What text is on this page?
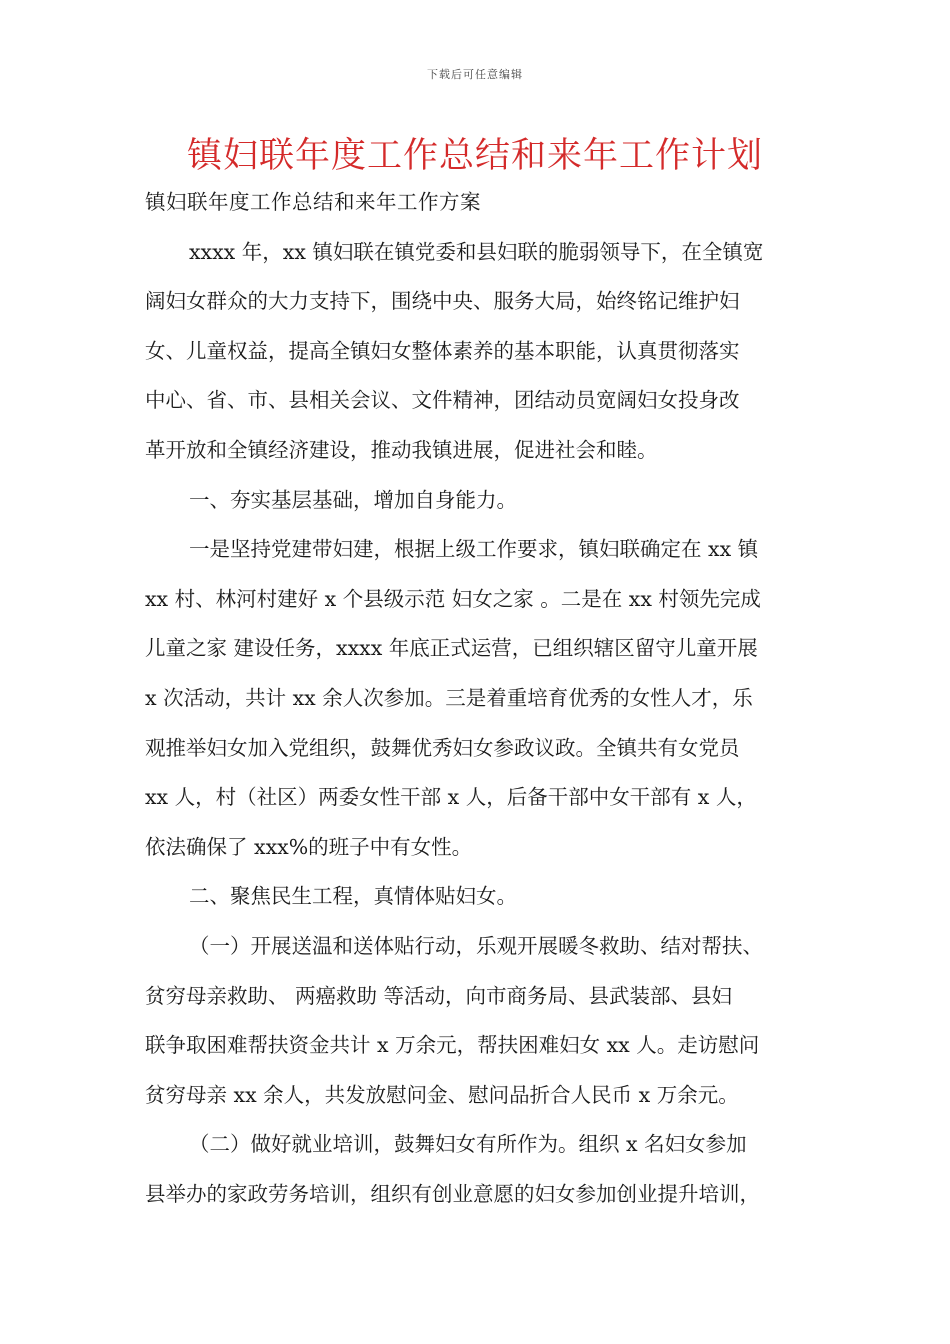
下载后可任意编辑
镇妇联年度工作总结和来年工作计划
镇妇联年度工作总结和来年工作方案
xxxx 年，xx 镇妇联在镇党委和县妇联的脆弱领导下，在全镇宽
阔妇女群众的大力支持下，围绕中央、服务大局，始终铭记维护妇
女、儿童权益，提高全镇妇女整体素养的基本职能，认真贯彻落实
中心、省、市、县相关会议、文件精神，团结动员宽阔妇女投身改
革开放和全镇经济建设，推动我镇进展，促进社会和睦。
一、夯实基层基础，增加自身能力。
一是坚持党建带妇建，根据上级工作要求，镇妇联确定在 xx 镇
xx 村、林河村建好 x 个县级示范 妇女之家 。二是在 xx 村领先完成
儿童之家 建设任务，xxxx 年底正式运营，已组织辖区留守儿童开展
x 次活动，共计 xx 余人次参加。三是着重培育优秀的女性人才，乐
观推举妇女加入党组织，鼓舞优秀妇女参政议政。全镇共有女党员
xx 人，村（社区）两委女性干部 x 人，后备干部中女干部有 x 人，
依法确保了 xxx%的班子中有女性。
二、聚焦民生工程，真情体贴妇女。
（一）开展送温和送体贴行动，乐观开展暖冬救助、结对帮扶、
贫穷母亲救助、 两癌救助 等活动，向市商务局、县武装部、县妇
联争取困难帮扶资金共计 x 万余元，帮扶困难妇女 xx 人。走访慰问
贫穷母亲 xx 余人，共发放慰问金、慰问品折合人民币 x 万余元。
（二）做好就业培训，鼓舞妇女有所作为。组织 x 名妇女参加
县举办的家政劳务培训，组织有创业意愿的妇女参加创业提升培训，
